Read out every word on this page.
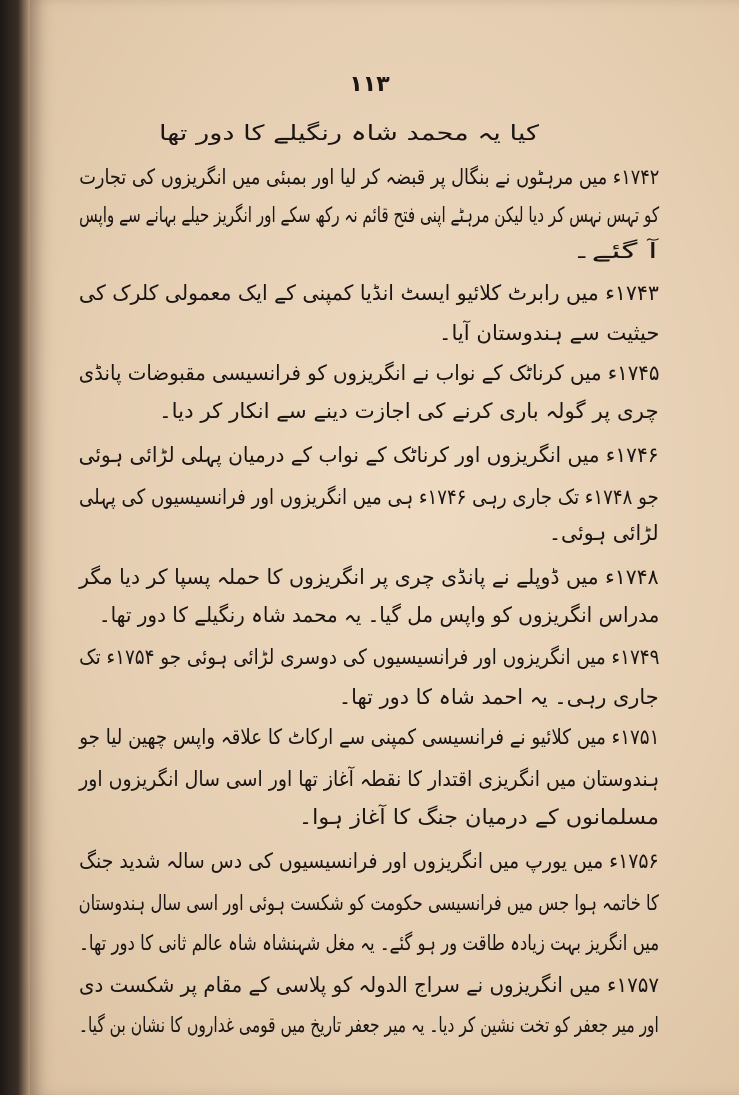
۱۱۳
کیا یہ محمد شاہ رنگیلے کا دور تھا
۱۷۴۲ء میں مرہٹوں نے بنگال پر قبضہ کر لیا اور بمبئی میں انگریزوں کی تجارت
کو تہس نہس کر دیا لیکن مرہٹے اپنی فتح قائم نہ رکھ سکے اور انگریز حیلے بہانے سے واپس
آ گئے۔
۱۷۴۳ء میں رابرٹ کلائیو ایسٹ انڈیا کمپنی کے ایک معمولی کلرک کی
حیثیت سے ہندوستان آیا۔
۱۷۴۵ء میں کرناٹک کے نواب نے انگریزوں کو فرانسیسی مقبوضات پانڈی
چری پر گولہ باری کرنے کی اجازت دینے سے انکار کر دیا۔
۱۷۴۶ء میں انگریزوں اور کرناٹک کے نواب کے درمیان پہلی لڑائی ہوئی
جو ۱۷۴۸ء تک جاری رہی ۱۷۴۶ء ہی میں انگریزوں اور فرانسیسیوں کی پہلی
لڑائی ہوئی۔
۱۷۴۸ء میں ڈوپلے نے پانڈی چری پر انگریزوں کا حملہ پسپا کر دیا مگر
مدراس انگریزوں کو واپس مل گیا۔ یہ محمد شاہ رنگیلے کا دور تھا۔
۱۷۴۹ء میں انگریزوں اور فرانسیسیوں کی دوسری لڑائی ہوئی جو ۱۷۵۴ء تک
جاری رہی۔ یہ احمد شاہ کا دور تھا۔
۱۷۵۱ء میں کلائیو نے فرانسیسی کمپنی سے ارکاٹ کا علاقہ واپس چھین لیا جو
ہندوستان میں انگریزی اقتدار کا نقطہ آغاز تھا اور اسی سال انگریزوں اور
مسلمانوں کے درمیان جنگ کا آغاز ہوا۔
۱۷۵۶ء میں یورپ میں انگریزوں اور فرانسیسیوں کی دس سالہ شدید جنگ
کا خاتمہ ہوا جس میں فرانسیسی حکومت کو شکست ہوئی اور اسی سال ہندوستان
میں انگریز بہت زیادہ طاقت ور ہو گئے۔ یہ مغل شہنشاہ شاہ عالم ثانی کا دور تھا۔
۱۷۵۷ء میں انگریزوں نے سراج الدولہ کو پلاسی کے مقام پر شکست دی
اور میر جعفر کو تخت نشین کر دیا۔ یہ میر جعفر تاریخ میں قومی غداروں کا نشان بن گیا۔
